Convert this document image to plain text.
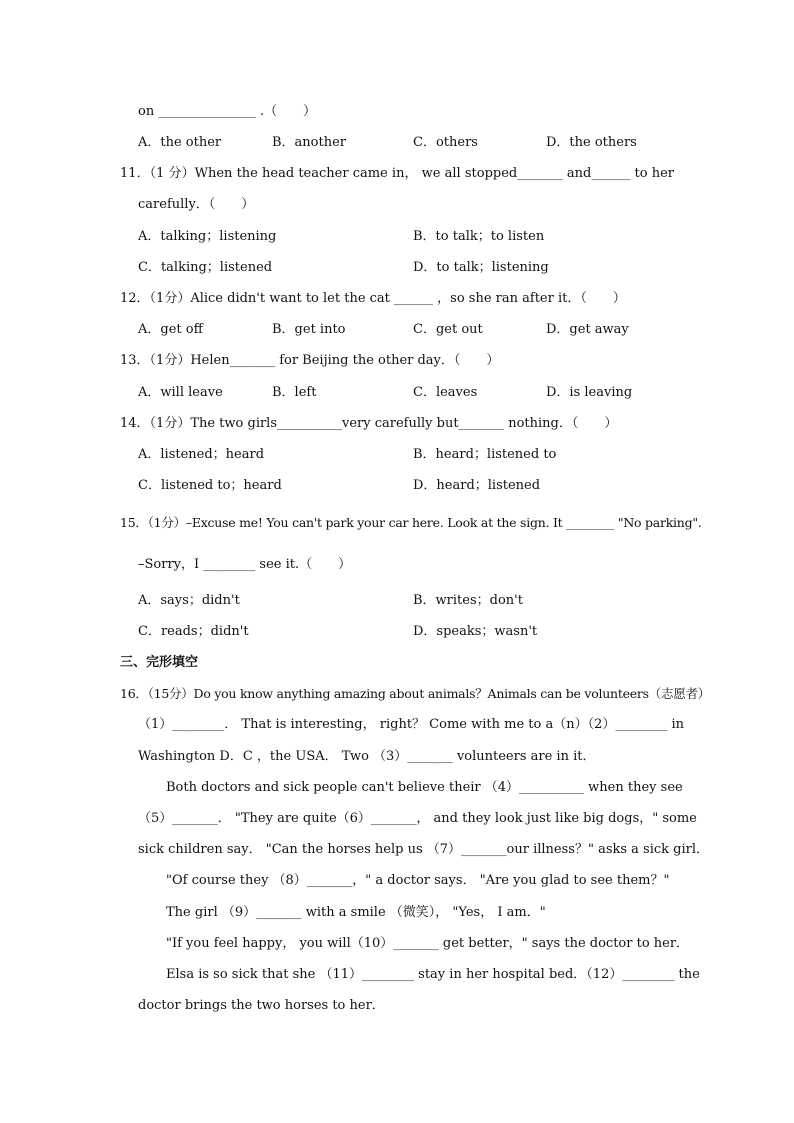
on _______________ .（　　）
A．the other	B．another	C．others	D．the others
11．（1 分）When the head teacher came in， we all stopped_______ and______ to her
carefully．（　　）
A．talking；listening	B．to talk；to listen
C．talking；listened	D．to talk；listening
12．（1分）Alice didn't want to let the cat ______ ，so she ran after it．（　　）
A．get off	B．get into	C．get out	D．get away
13．（1分）Helen_______ for Beijing the other day．（　　）
A．will leave	B．left	C．leaves	D．is leaving
14．（1分）The two girls__________very carefully but_______ nothing．（　　）
A．listened；heard	B．heard；listened to
C．listened to；heard	D．heard；listened
15．（1分）–Excuse me! You can't park your car here. Look at the sign. It ________ "No parking".
–Sorry，I ________ see it.（　　）
A．says；didn't	B．writes；don't
C．reads；didn't	D．speaks；wasn't
三、完形填空
16．（15分）Do you know anything amazing about animals？Animals can be volunteers（志愿者）
（1）________． That is interesting， right？ Come with me to a（n）（2）________ in
Washington D．C ，the USA． Two （3）_______ volunteers are in it．
Both doctors and sick people can't believe their （4）__________ when they see
（5）_______． "They are quite（6）_______， and they look just like big dogs，" some
sick children say． "Can the horses help us （7）_______our illness？" asks a sick girl．
"Of course they （8）_______，" a doctor says． "Are you glad to see them？"
The girl （9）_______ with a smile （微笑）， "Yes， I am．"
"If you feel happy， you will（10）_______ get better，" says the doctor to her．
Elsa is so sick that she （11）________ stay in her hospital bed．（12）________ the
doctor brings the two horses to her．
